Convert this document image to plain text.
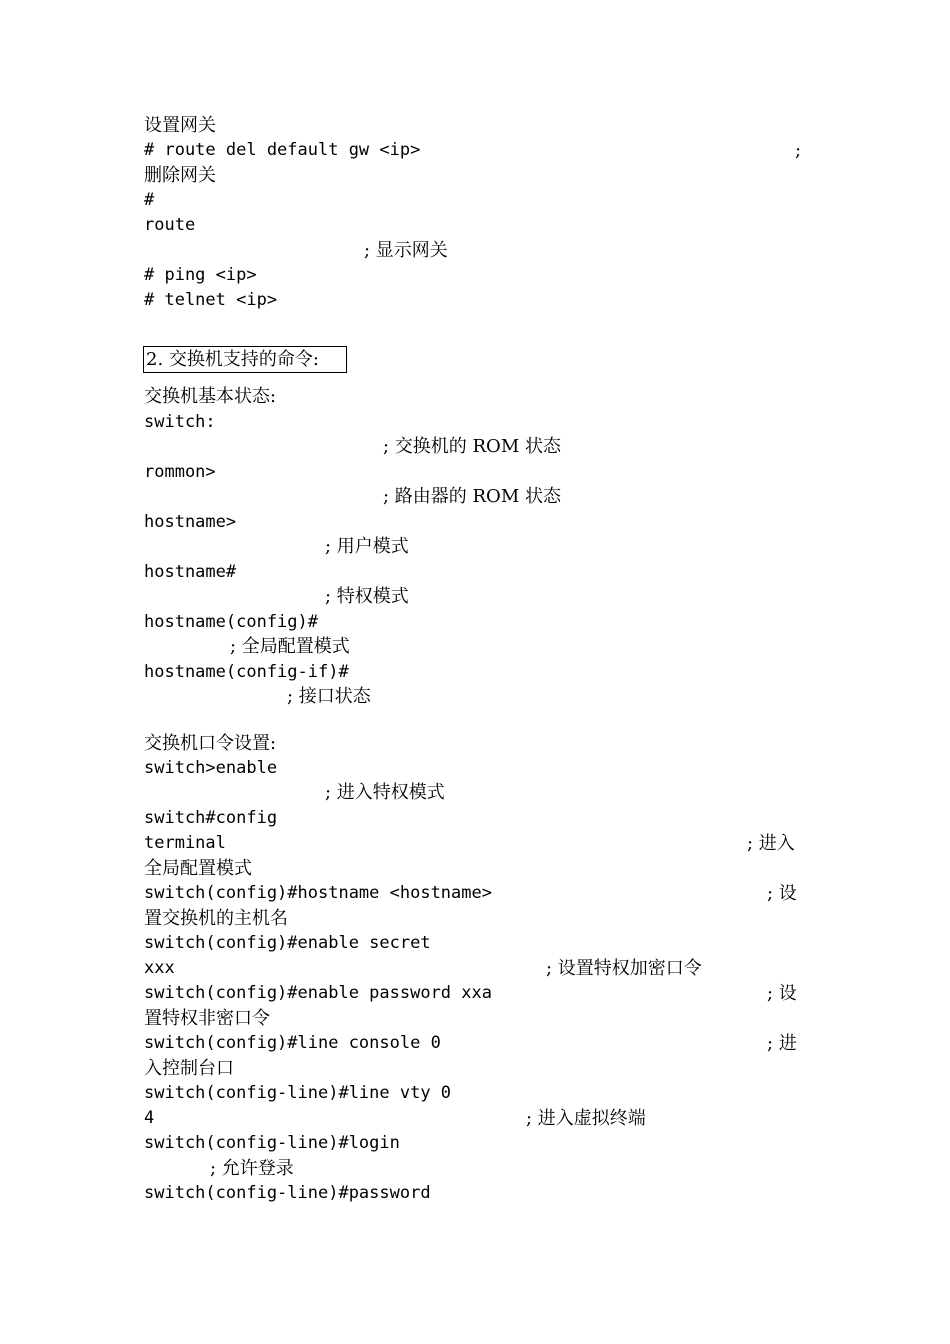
设置网关
# route del default gw <ip>	;
删除网关
#
route
; 显示网关
# ping <ip>
# telnet <ip>
2. 交换机支持的命令:
交换机基本状态:
switch:
; 交换机的 ROM 状态
rommon>
; 路由器的 ROM 状态
hostname>
; 用户模式
hostname#
; 特权模式
hostname(config)#
; 全局配置模式
hostname(config-if)#
; 接口状态
交换机口令设置:
switch>enable
; 进入特权模式
switch#config
terminal	; 进入
全局配置模式
switch(config)#hostname <hostname>	; 设
置交换机的主机名
switch(config)#enable secret
xxx	; 设置特权加密口令
switch(config)#enable password xxa	; 设
置特权非密口令
switch(config)#line console 0	; 进
入控制台口
switch(config-line)#line vty 0
4	; 进入虚拟终端
switch(config-line)#login
; 允许登录
switch(config-line)#password
